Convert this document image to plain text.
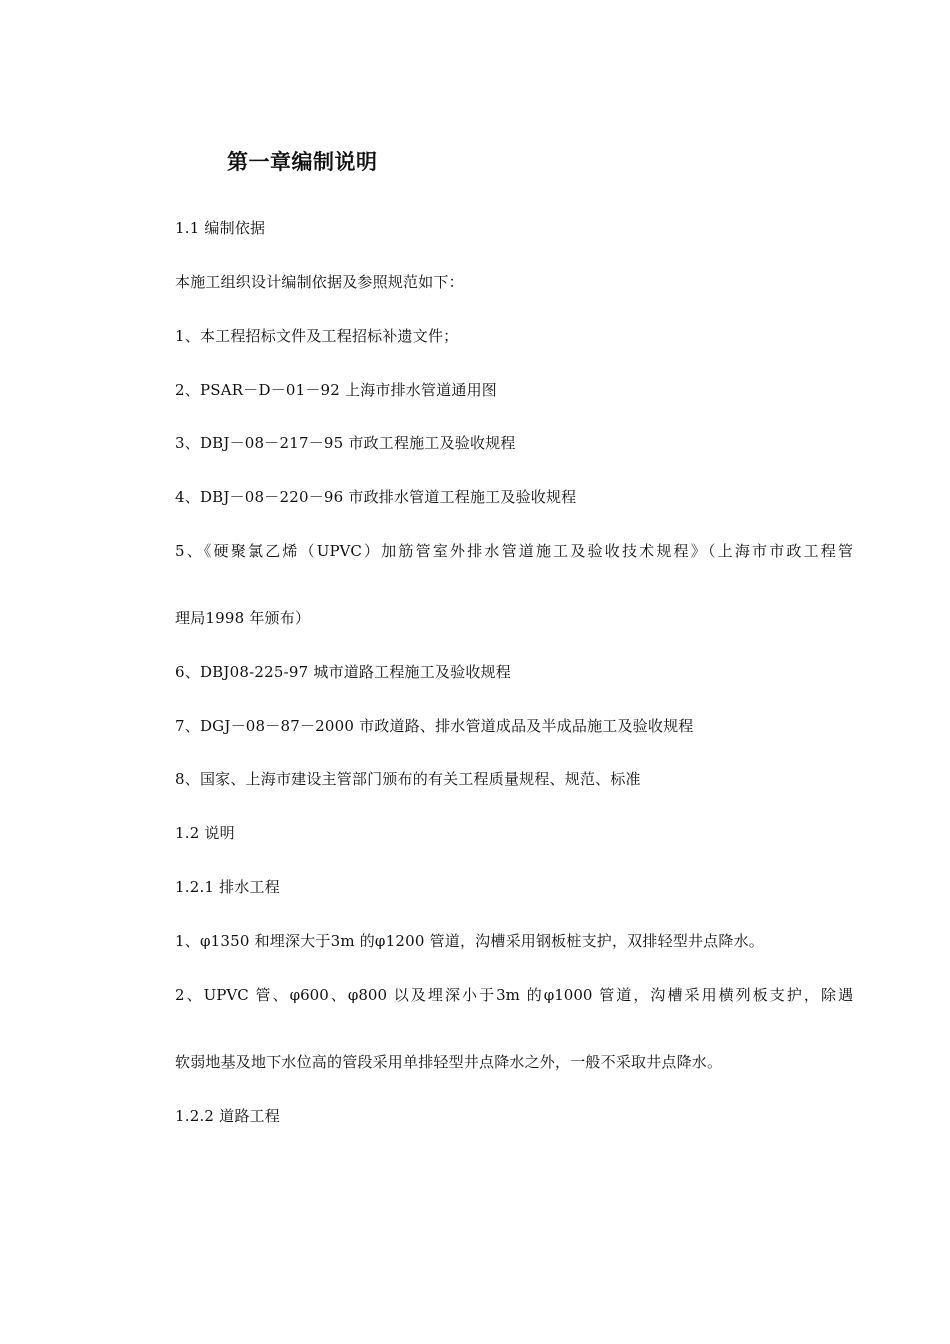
第一章编制说明
1.1 编制依据
本施工组织设计编制依据及参照规范如下：
1、本工程招标文件及工程招标补遗文件；
2、PSAR－D－01－92 上海市排水管道通用图
3、DBJ－08－217－95 市政工程施工及验收规程
4、DBJ－08－220－96 市政排水管道工程施工及验收规程
5、《硬聚氯乙烯（UPVC）加筋管室外排水管道施工及验收技术规程》（上海市市政工程管
理局1998 年颁布）
6、DBJ08-225-97 城市道路工程施工及验收规程
7、DGJ－08－87－2000 市政道路、排水管道成品及半成品施工及验收规程
8、国家、上海市建设主管部门颁布的有关工程质量规程、规范、标准
1.2 说明
1.2.1 排水工程
1、φ1350 和埋深大于3m 的φ1200 管道，沟槽采用钢板桩支护，双排轻型井点降水。
2、UPVC 管、φ600、φ800 以及埋深小于3m 的φ1000 管道，沟槽采用横列板支护，除遇
软弱地基及地下水位高的管段采用单排轻型井点降水之外，一般不采取井点降水。
1.2.2 道路工程
